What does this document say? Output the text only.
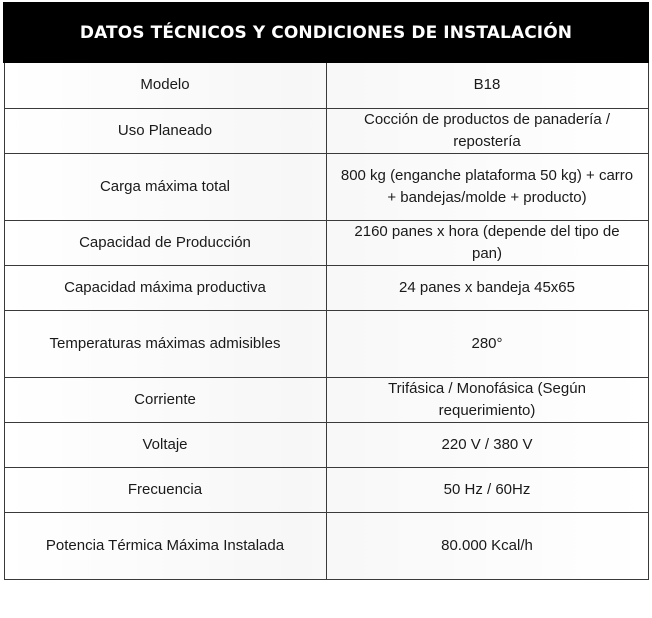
DATOS TÉCNICOS Y CONDICIONES DE INSTALACIÓN	
Modelo	B18
Uso Planeado	Cocción de productos de panadería / repostería
Carga máxima total	800 kg (enganche plataforma 50 kg) + carro + bandejas/molde + producto)
Capacidad de Producción	2160 panes x hora (depende del tipo de pan)
Capacidad máxima productiva	24 panes x bandeja 45x65
Temperaturas máximas admisibles	280°
Corriente	Trifásica / Monofásica (Según requerimiento)
Voltaje	220 V / 380 V
Frecuencia	50 Hz / 60Hz
Potencia Térmica Máxima Instalada	80.000 Kcal/h
